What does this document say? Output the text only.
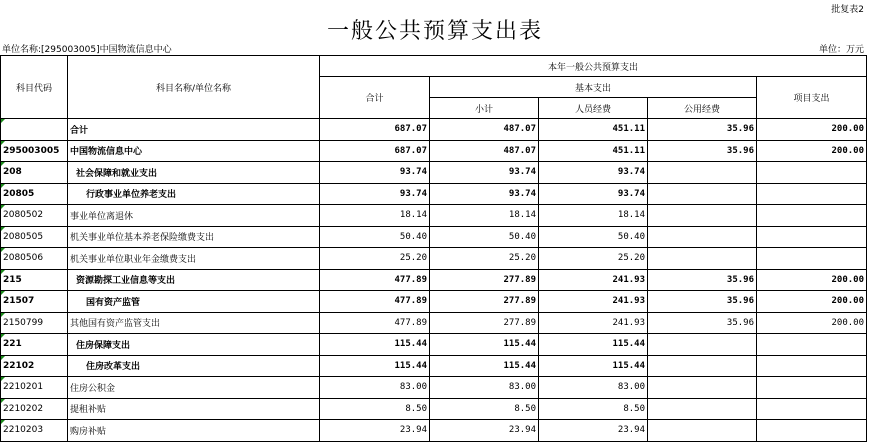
批复表2
一般公共预算支出表
单位名称:[295003005]中国物流信息中心	单位：万元
科目代码	科目名称/单位名称	本年一般公共预算支出				
		合计	基本支出			项目支出
			小计	人员经费	公用经费	
	合计	687.07	487.07	451.11	35.96	200.00
295003005	中国物流信息中心	687.07	487.07	451.11	35.96	200.00
208	社会保障和就业支出	93.74	93.74	93.74		
20805	行政事业单位养老支出	93.74	93.74	93.74		
2080502	事业单位离退休	18.14	18.14	18.14		
2080505	机关事业单位基本养老保险缴费支出	50.40	50.40	50.40		
2080506	机关事业单位职业年金缴费支出	25.20	25.20	25.20		
215	资源勘探工业信息等支出	477.89	277.89	241.93	35.96	200.00
21507	国有资产监管	477.89	277.89	241.93	35.96	200.00
2150799	其他国有资产监管支出	477.89	277.89	241.93	35.96	200.00
221	住房保障支出	115.44	115.44	115.44		
22102	住房改革支出	115.44	115.44	115.44		
2210201	住房公积金	83.00	83.00	83.00		
2210202	提租补贴	8.50	8.50	8.50		
2210203	购房补贴	23.94	23.94	23.94		
